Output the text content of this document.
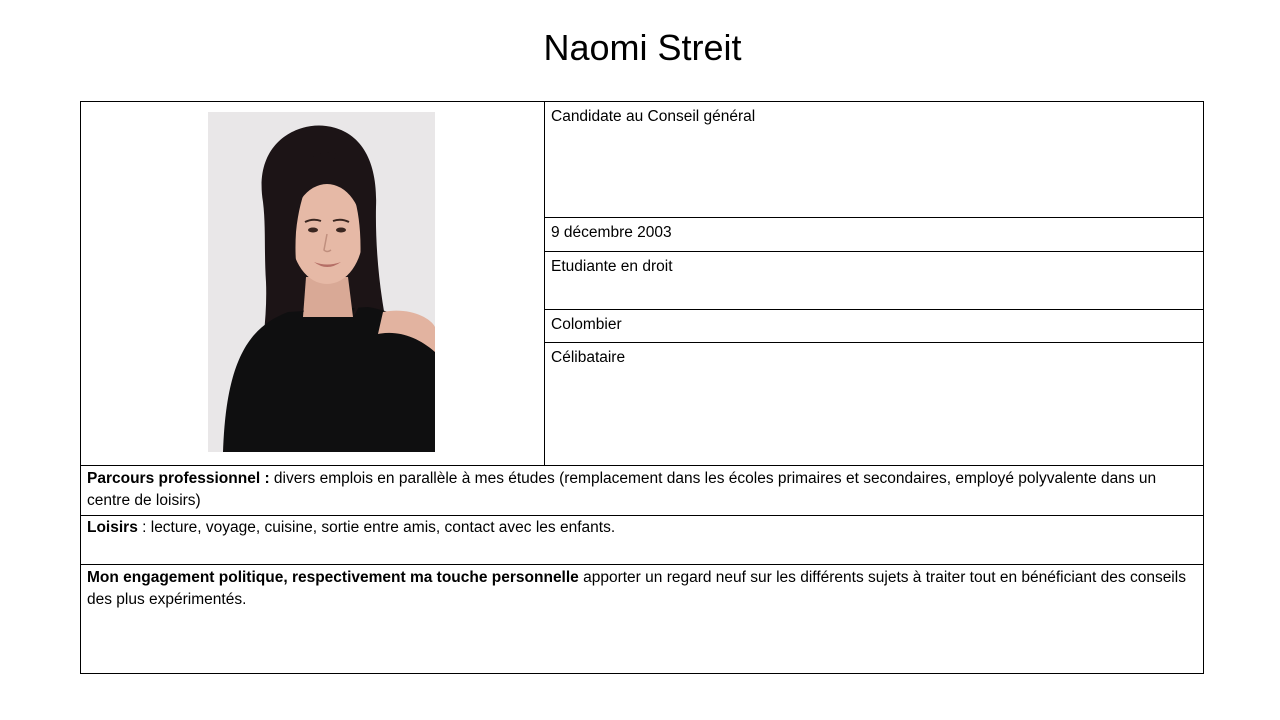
Naomi Streit
Candidate au Conseil général
9 décembre 2003
Etudiante en droit
Colombier
Célibataire
Parcours professionnel : divers emplois en parallèle à mes études (remplacement dans les écoles primaires et secondaires, employé polyvalente dans un centre de loisirs)
Loisirs : lecture, voyage, cuisine, sortie entre amis, contact avec les enfants.
Mon engagement politique, respectivement ma touche personnelle apporter un regard neuf sur les différents sujets à traiter tout en bénéficiant des conseils des plus expérimentés.
